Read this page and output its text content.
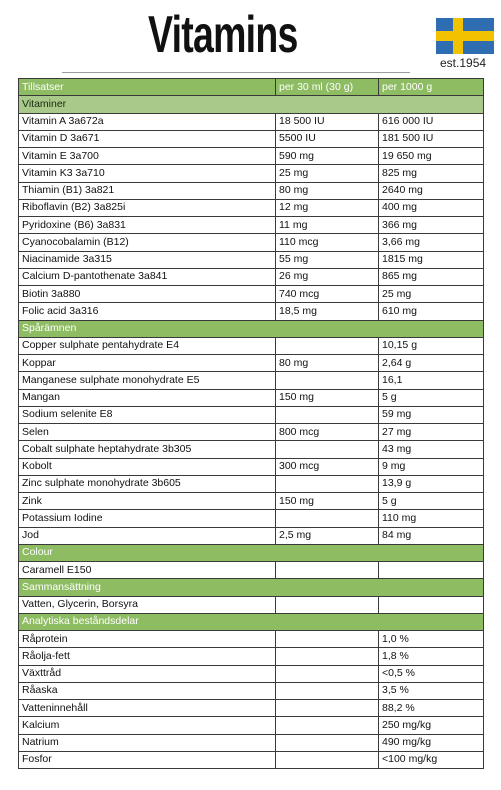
Vitamins	est.1954
Tillsatser	per 30 ml (30 g)	per 1000 g
Vitaminer		
Vitamin A 3a672a	18 500 IU	616 000 IU
Vitamin D 3a671	5500 IU	181 500 IU
Vitamin E 3a700	590 mg	19 650 mg
Vitamin K3 3a710	25 mg	825 mg
Thiamin (B1) 3a821	80 mg	2640 mg
Riboflavin (B2) 3a825i	12 mg	400 mg
Pyridoxine (B6) 3a831	11 mg	366 mg
Cyanocobalamin (B12)	110 mcg	3,66 mg
Niacinamide 3a315	55 mg	1815 mg
Calcium D-pantothenate 3a841	26 mg	865 mg
Biotin 3a880	740 mcg	25 mg
Folic acid 3a316	18,5 mg	610 mg
Spårämnen		
Copper sulphate pentahydrate E4		10,15 g
Koppar	80 mg	2,64 g
Manganese sulphate monohydrate E5		16,1
Mangan	150 mg	5 g
Sodium selenite E8		59 mg
Selen	800 mcg	27 mg
Cobalt sulphate heptahydrate 3b305		43 mg
Kobolt	300 mcg	9 mg
Zinc sulphate monohydrate 3b605		13,9 g
Zink	150 mg	5 g
Potassium Iodine		110 mg
Jod	2,5 mg	84 mg
Colour		
Caramell E150		
Sammansättning		
Vatten, Glycerin, Borsyra		
Analytiska beståndsdelar		
Råprotein		1,0 %
Råolja-fett		1,8 %
Växttråd		<0,5 %
Råaska		3,5 %
Vatteninnehåll		88,2 %
Kalcium		250 mg/kg
Natrium		490 mg/kg
Fosfor		<100 mg/kg
